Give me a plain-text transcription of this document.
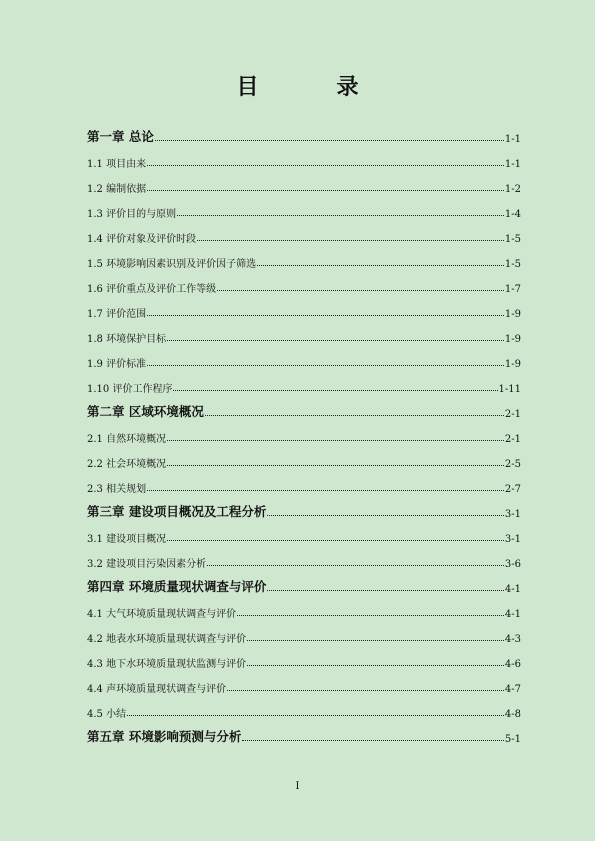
目　录
第一章 总论	1-1
1.1 项目由来	1-1
1.2 编制依据	1-2
1.3 评价目的与原则	1-4
1.4 评价对象及评价时段	1-5
1.5 环境影响因素识别及评价因子筛选	1-5
1.6 评价重点及评价工作等级	1-7
1.7 评价范围	1-9
1.8 环境保护目标	1-9
1.9 评价标准	1-9
1.10 评价工作程序	1-11
第二章 区域环境概况	2-1
2.1 自然环境概况	2-1
2.2 社会环境概况	2-5
2.3 相关规划	2-7
第三章 建设项目概况及工程分析	3-1
3.1 建设项目概况	3-1
3.2 建设项目污染因素分析	3-6
第四章 环境质量现状调查与评价	4-1
4.1 大气环境质量现状调查与评价	4-1
4.2 地表水环境质量现状调查与评价	4-3
4.3 地下水环境质量现状监测与评价	4-6
4.4 声环境质量现状调查与评价	4-7
4.5 小结	4-8
第五章 环境影响预测与分析	5-1
I
